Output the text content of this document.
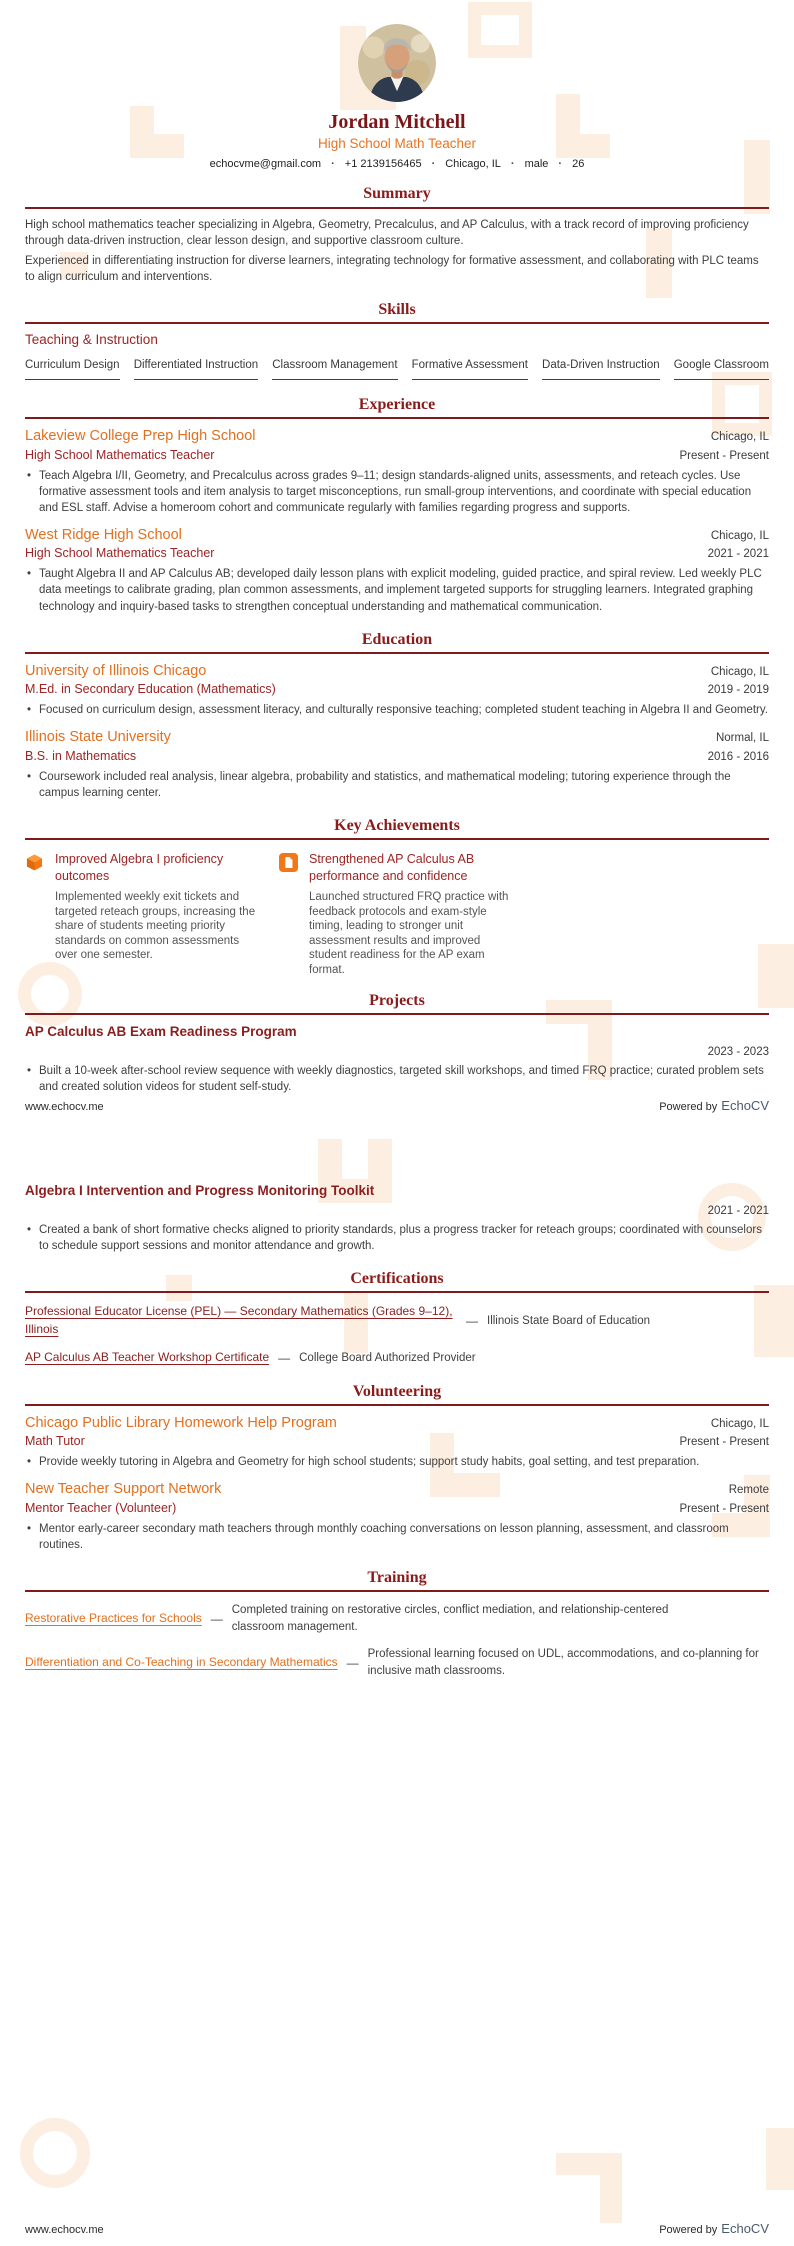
Jordan Mitchell
High School Math Teacher
echocvme@gmail.com	· +1 2139156465	· Chicago, IL	· male	· 26
Summary

High school mathematics teacher specializing in Algebra, Geometry, Precalculus, and AP Calculus, with a track record of improving proficiency through data-driven instruction, clear lesson design, and supportive classroom culture.

Experienced in differentiating instruction for diverse learners, integrating technology for formative assessment, and collaborating with PLC teams to align curriculum and interventions.

Skills
Teaching & Instruction
Curriculum Design Differentiated Instruction Classroom Management Formative Assessment Data-Driven Instruction Google Classroom
Experience
Lakeview College Prep High School	Chicago, IL
High School Mathematics Teacher	Present - Present
• Teach Algebra I/II, Geometry, and Precalculus across grades 9–11; design standards-aligned units, assessments, and reteach cycles. Use formative assessment tools and item analysis to target misconceptions, run small-group interventions, and coordinate with special education and ESL staff. Advise a homeroom cohort and communicate regularly with families regarding progress and supports.
West Ridge High School	Chicago, IL
High School Mathematics Teacher	2021 - 2021
• Taught Algebra II and AP Calculus AB; developed daily lesson plans with explicit modeling, guided practice, and spiral review. Led weekly PLC data meetings to calibrate grading, plan common assessments, and implement targeted supports for struggling learners. Integrated graphing technology and inquiry-based tasks to strengthen conceptual understanding and mathematical communication.
Education
University of Illinois Chicago	Chicago, IL
M.Ed. in Secondary Education (Mathematics)	2019 - 2019
• Focused on curriculum design, assessment literacy, and culturally responsive teaching; completed student teaching in Algebra II and Geometry.
Illinois State University	Normal, IL
B.S. in Mathematics	2016 - 2016
• Coursework included real analysis, linear algebra, probability and statistics, and mathematical modeling; tutoring experience through the campus learning center.
Key Achievements
Improved Algebra I proficiency outcomes
Implemented weekly exit tickets and targeted reteach groups, increasing the share of students meeting priority standards on common assessments over one semester.
Strengthened AP Calculus AB performance and confidence
Launched structured FRQ practice with feedback protocols and exam-style timing, leading to stronger unit assessment results and improved student readiness for the AP exam format.
Projects
AP Calculus AB Exam Readiness Program
2023 - 2023
• Built a 10-week after-school review sequence with weekly diagnostics, targeted skill workshops, and timed FRQ practice; curated problem sets and created solution videos for student self-study.
www.echocv.me	Powered by EchoCV
Algebra I Intervention and Progress Monitoring Toolkit
2021 - 2021
• Created a bank of short formative checks aligned to priority standards, plus a progress tracker for reteach groups; coordinated with counselors to schedule support sessions and monitor attendance and growth.
Certifications
Professional Educator License (PEL) — Secondary Mathematics (Grades 9–12), Illinois
— Illinois State Board of Education
AP Calculus AB Teacher Workshop Certificate — College Board Authorized Provider
Volunteering
Chicago Public Library Homework Help Program	Chicago, IL
Math Tutor	Present - Present
• Provide weekly tutoring in Algebra and Geometry for high school students; support study habits, goal setting, and test preparation.
New Teacher Support Network	Remote
Mentor Teacher (Volunteer)	Present - Present
• Mentor early-career secondary math teachers through monthly coaching conversations on lesson planning, assessment, and classroom routines.
Training
Restorative Practices for Schools —
Completed training on restorative circles, conflict mediation, and relationship-centered classroom management.
Differentiation and Co-Teaching in Secondary Mathematics —
Professional learning focused on UDL, accommodations, and co-planning for inclusive math classrooms.
www.echocv.me	Powered by EchoCV
